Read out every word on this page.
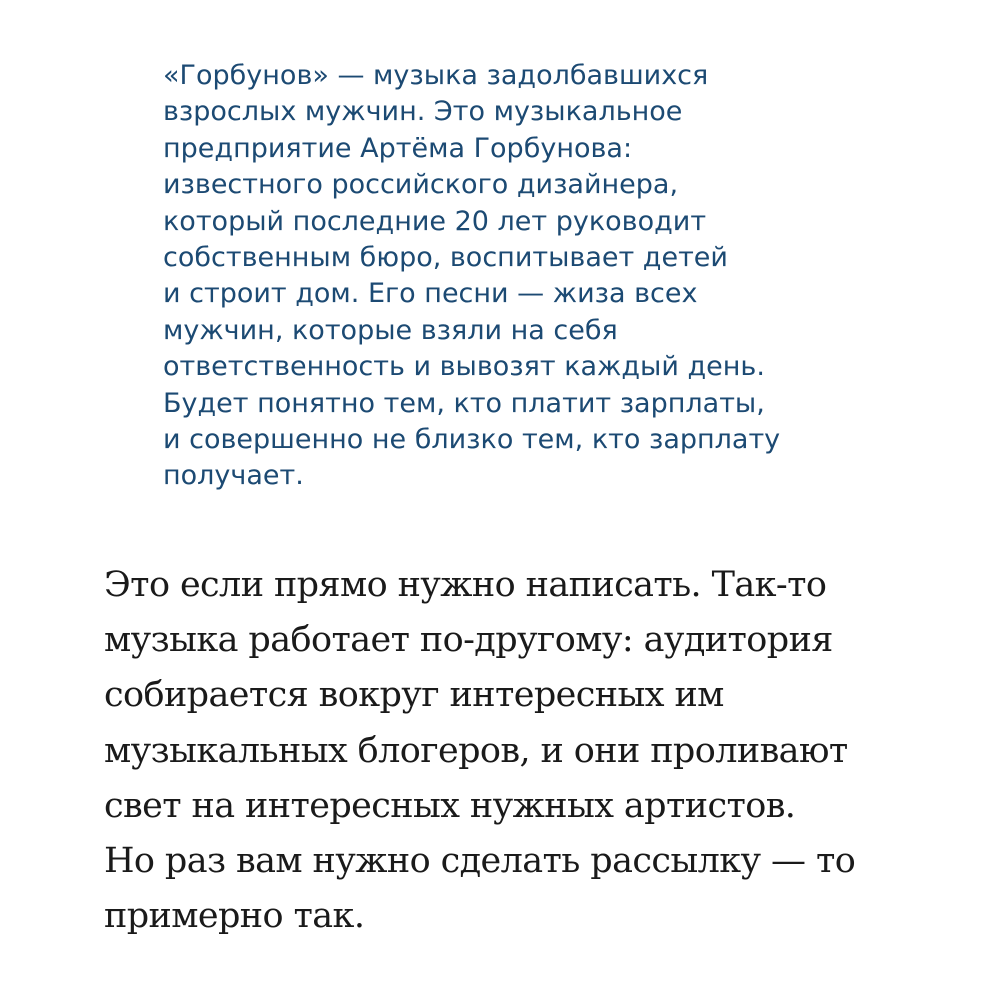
«Горбунов» — музыка задолбавшихся
взрослых мужчин. Это музыкальное
предприятие Артёма Горбунова:
известного российского дизайнера,
который последние 20 лет руководит
собственным бюро, воспитывает детей
и строит дом. Его песни — жиза всех
мужчин, которые взяли на себя
ответственность и вывозят каждый день.
Будет понятно тем, кто платит зарплаты,
и совершенно не близко тем, кто зарплату
получает.
Это если прямо нужно написать. Так-то
музыка работает по-другому: аудитория
собирается вокруг интересных им
музыкальных блогеров, и они проливают
свет на интересных нужных артистов.
Но раз вам нужно сделать рассылку — то
примерно так.
